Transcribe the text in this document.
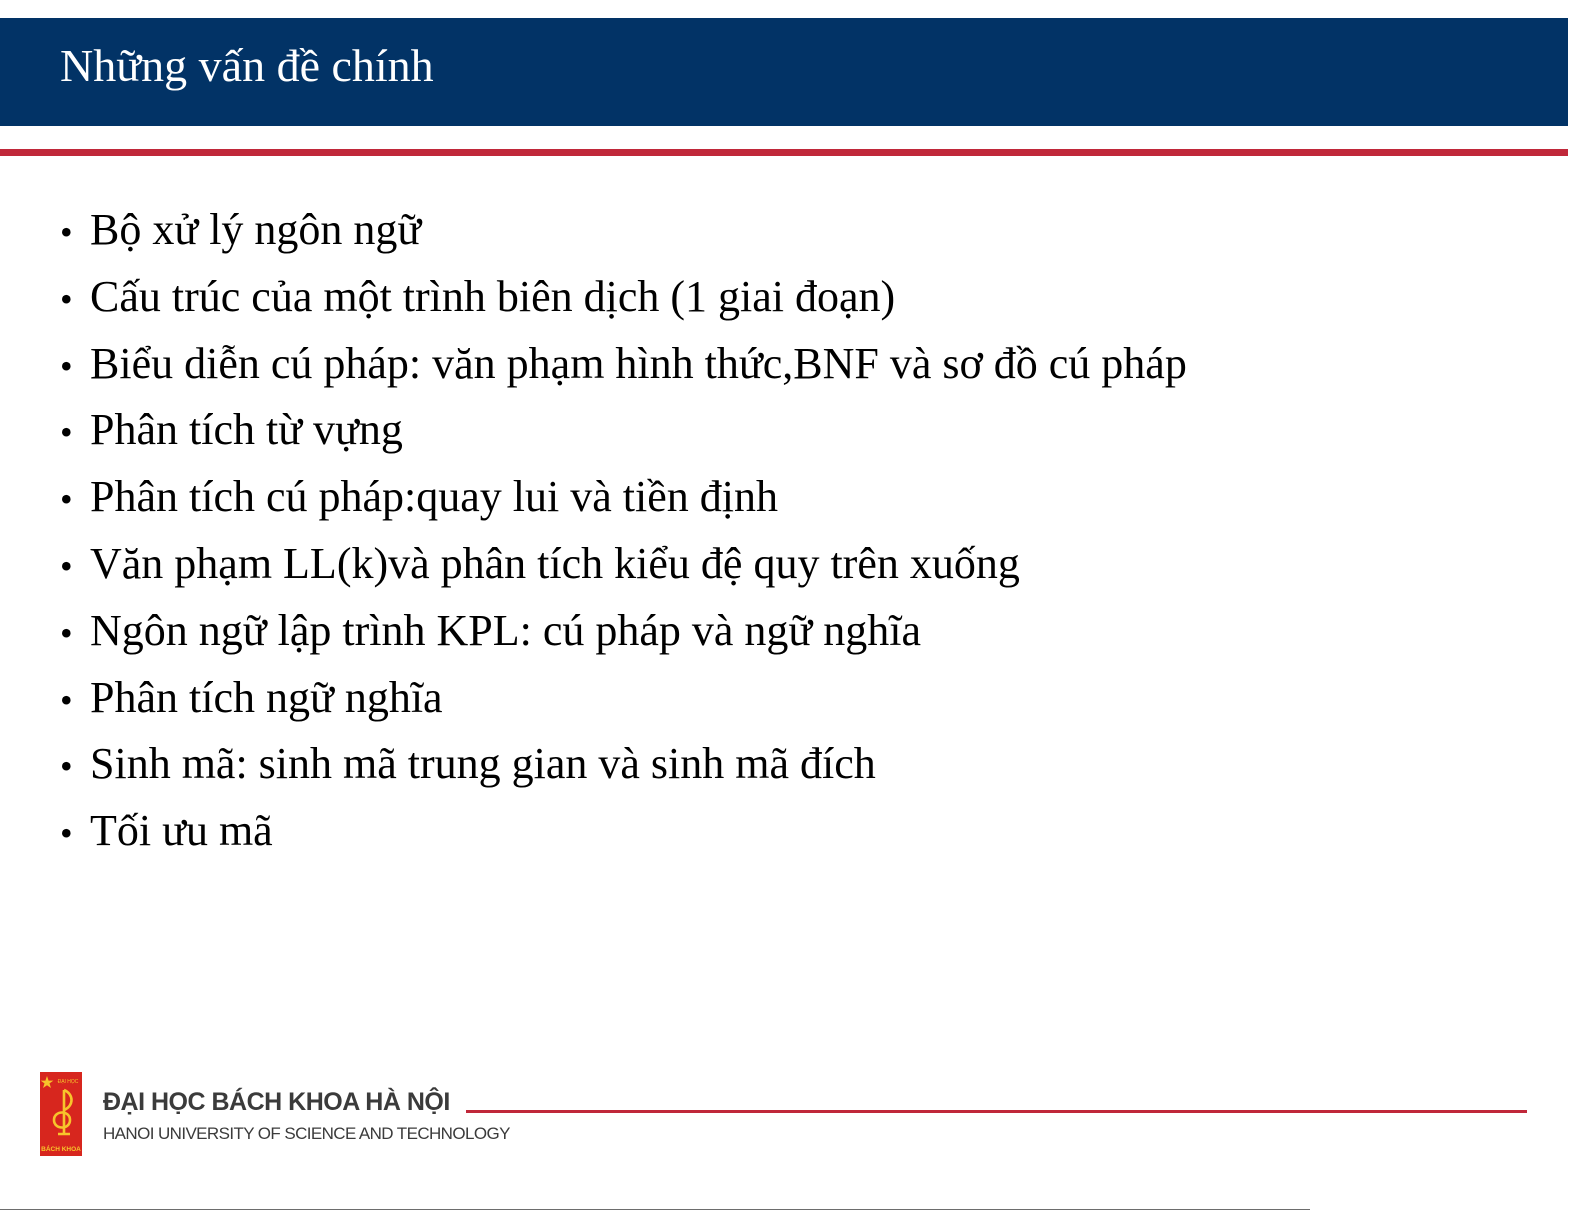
Những vấn đề chính
• Bộ xử lý ngôn ngữ
• Cấu trúc của một trình biên dịch (1 giai đoạn)
• Biểu diễn cú pháp: văn phạm hình thức,BNF và sơ đồ cú pháp
• Phân tích từ vựng
• Phân tích cú pháp:quay lui và tiền định
• Văn phạm LL(k)và phân tích kiểu đệ quy trên xuống
• Ngôn ngữ lập trình KPL: cú pháp và ngữ nghĩa
• Phân tích ngữ nghĩa
• Sinh mã: sinh mã trung gian và sinh mã đích
• Tối ưu mã
ĐẠI HỌC
BÁCH KHOA
ĐẠI HỌC BÁCH KHOA HÀ NỘI
HANOI UNIVERSITY OF SCIENCE AND TECHNOLOGY
